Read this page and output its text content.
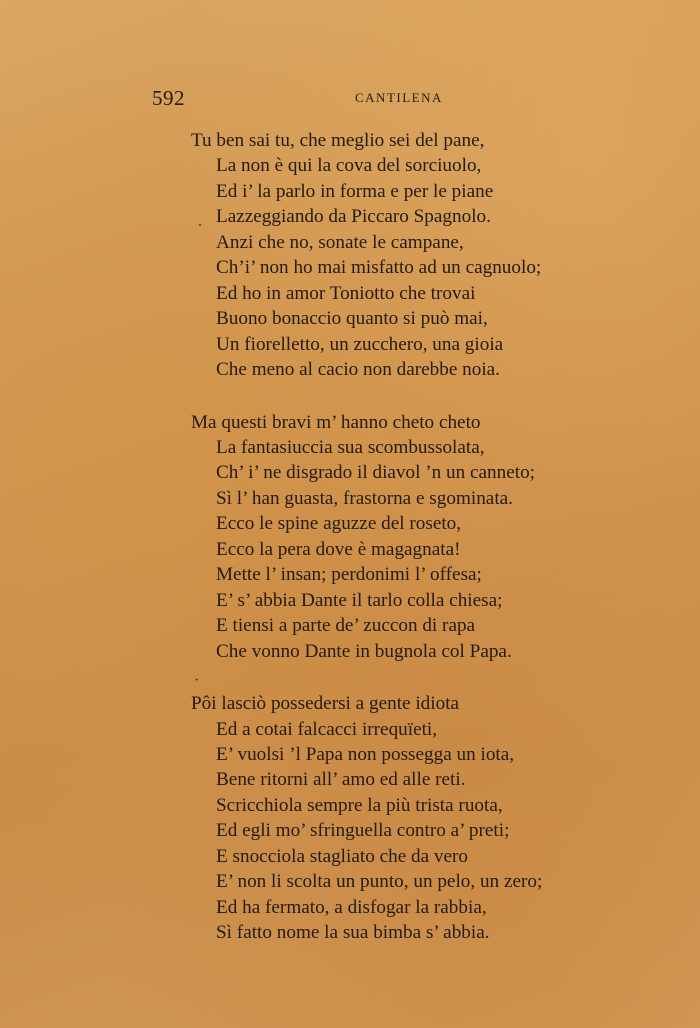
592	CANTILENA
Tu ben sai tu, che meglio sei del pane,
La non è qui la cova del sorciuolo,
Ed i’ la parlo in forma e per le piane
Lazzeggiando da Piccaro Spagnolo.
Anzi che no, sonate le campane,
Ch’i’ non ho mai misfatto ad un cagnuolo;
Ed ho in amor Toniotto che trovai
Buono bonaccio quanto si può mai,
Un fiorelletto, un zucchero, una gioia
Che meno al cacio non darebbe noia.
Ma questi bravi m’ hanno cheto cheto
La fantasiuccia sua scombussolata,
Ch’ i’ ne disgrado il diavol ’n un canneto;
Sì l’ han guasta, frastorna e sgominata.
Ecco le spine aguzze del roseto,
Ecco la pera dove è magagnata!
Mette l’ insan; perdonimi l’ offesa;
E’ s’ abbia Dante il tarlo colla chiesa;
E tiensi a parte de’ zuccon di rapa
Che vonno Dante in bugnola col Papa.
Pôi lasciò possedersi a gente idiota
Ed a cotai falcacci irrequïeti,
E’ vuolsi ’l Papa non possegga un iota,
Bene ritorni all’ amo ed alle reti.
Scricchiola sempre la più trista ruota,
Ed egli mo’ sfringuella contro a’ preti;
E snocciola stagliato che da vero
E’ non li scolta un punto, un pelo, un zero;
Ed ha fermato, a disfogar la rabbia,
Sì fatto nome la sua bimba s’ abbia.
.
·
